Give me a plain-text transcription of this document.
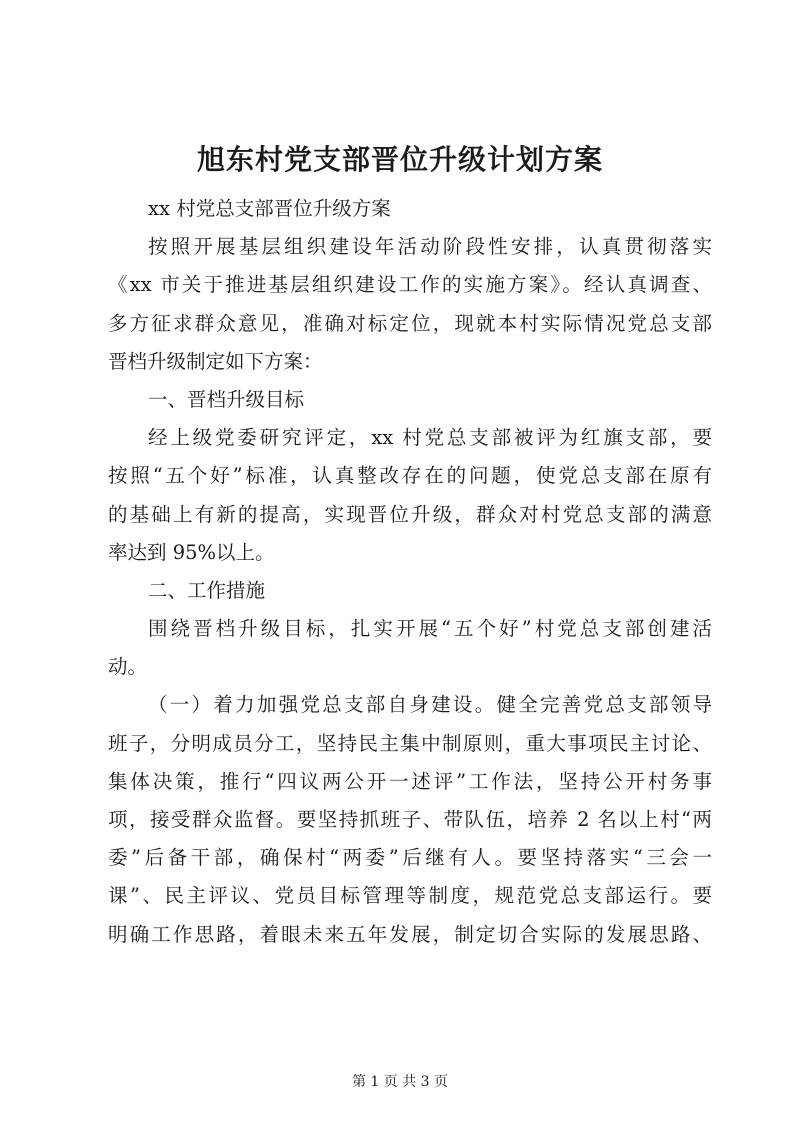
旭东村党支部晋位升级计划方案
xx 村党总支部晋位升级方案
按照开展基层组织建设年活动阶段性安排，认真贯彻落实
《xx 市关于推进基层组织建设工作的实施方案》。经认真调查、
多方征求群众意见，准确对标定位，现就本村实际情况党总支部
晋档升级制定如下方案：
一、晋档升级目标
经上级党委研究评定，xx 村党总支部被评为红旗支部，要
按照“五个好”标准，认真整改存在的问题，使党总支部在原有
的基础上有新的提高，实现晋位升级，群众对村党总支部的满意
率达到 95%以上。
二、工作措施
围绕晋档升级目标，扎实开展“五个好”村党总支部创建活
动。
（一）着力加强党总支部自身建设。健全完善党总支部领导
班子，分明成员分工，坚持民主集中制原则，重大事项民主讨论、
集体决策，推行“四议两公开一述评”工作法，坚持公开村务事
项，接受群众监督。要坚持抓班子、带队伍，培养 2 名以上村“两
委”后备干部，确保村“两委”后继有人。要坚持落实“三会一
课”、民主评议、党员目标管理等制度，规范党总支部运行。要
明确工作思路，着眼未来五年发展，制定切合实际的发展思路、
第 1 页 共 3 页
